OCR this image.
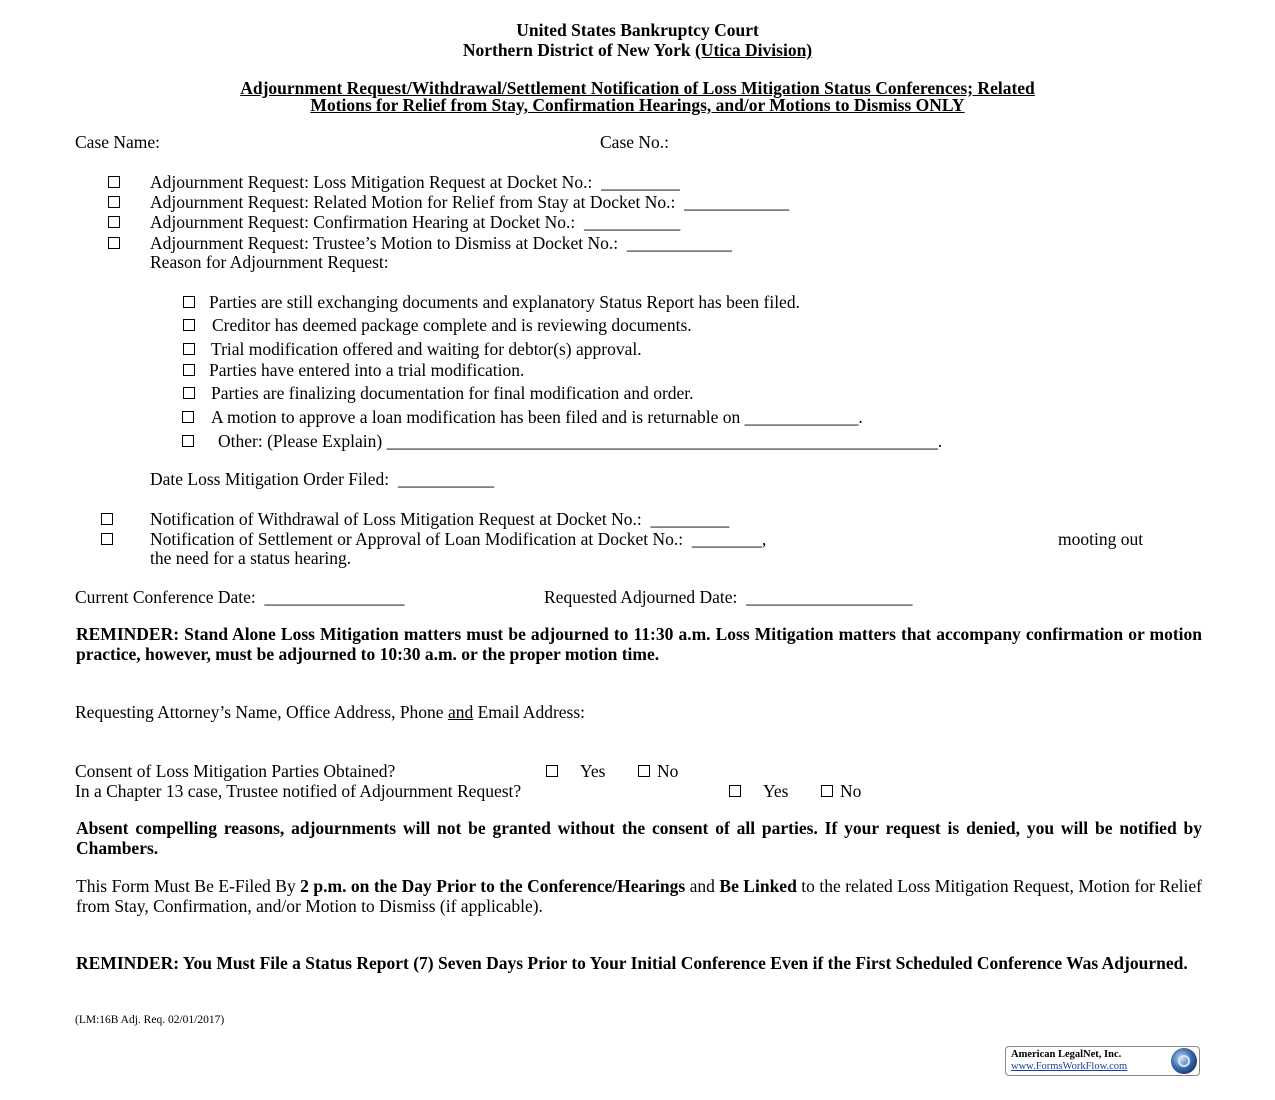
United States Bankruptcy Court
Northern District of New York (Utica Division)
Adjournment Request/Withdrawal/Settlement Notification of Loss Mitigation Status Conferences; Related
Motions for Relief from Stay, Confirmation Hearings, and/or Motions to Dismiss ONLY
Case Name:	Case No.:
Adjournment Request: Loss Mitigation Request at Docket No.: _________
Adjournment Request: Related Motion for Relief from Stay at Docket No.: ____________
Adjournment Request: Confirmation Hearing at Docket No.: ___________
Adjournment Request: Trustee’s Motion to Dismiss at Docket No.: ____________
Reason for Adjournment Request:
Parties are still exchanging documents and explanatory Status Report has been filed.
Creditor has deemed package complete and is reviewing documents.
Trial modification offered and waiting for debtor(s) approval.
Parties have entered into a trial modification.
Parties are finalizing documentation for final modification and order.
A motion to approve a loan modification has been filed and is returnable on _____________.
Other: (Please Explain) _______________________________________________________________.
Date Loss Mitigation Order Filed: ___________
Notification of Withdrawal of Loss Mitigation Request at Docket No.: _________
Notification of Settlement or Approval of Loan Modification at Docket No.: ________,	mooting out
the need for a status hearing.
Current Conference Date: ________________	Requested Adjourned Date: ___________________
REMINDER: Stand Alone Loss Mitigation matters must be adjourned to 11:30 a.m. Loss Mitigation matters that accompany confirmation or motion practice, however, must be adjourned to 10:30 a.m. or the proper motion time.
Requesting Attorney’s Name, Office Address, Phone and Email Address:
Consent of Loss Mitigation Parties Obtained?	Yes	No
In a Chapter 13 case, Trustee notified of Adjournment Request?	Yes	No
Absent compelling reasons, adjournments will not be granted without the consent of all parties. If your request is denied, you will be notified by Chambers.
This Form Must Be E-Filed By 2 p.m. on the Day Prior to the Conference/Hearings and Be Linked to the related Loss Mitigation Request, Motion for Relief from Stay, Confirmation, and/or Motion to Dismiss (if applicable).
REMINDER: You Must File a Status Report (7) Seven Days Prior to Your Initial Conference Even if the First Scheduled Conference Was Adjourned.
(LM:16B Adj. Req. 02/01/2017)
American LegalNet, Inc.
www.FormsWorkFlow.com
